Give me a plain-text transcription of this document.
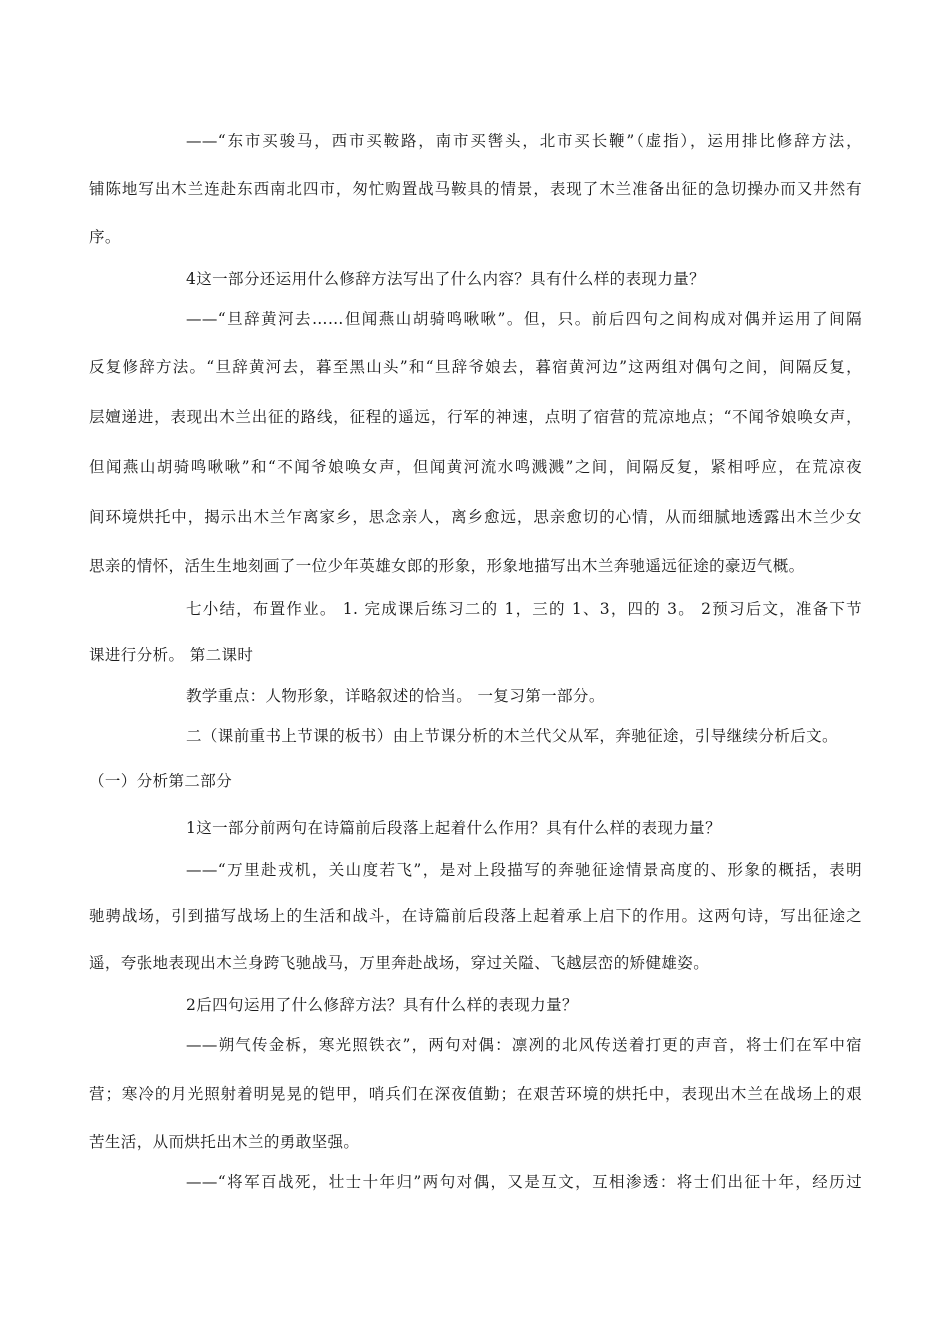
——“东市买骏马，西市买鞍路，南市买辔头，北市买长鞭”（虚指），运用排比修辞方法，
铺陈地写出木兰连赴东西南北四市，匆忙购置战马鞍具的情景，表现了木兰准备出征的急切操办而又井然有
序。
4这一部分还运用什么修辞方法写出了什么内容？具有什么样的表现力量？
——“旦辞黄河去……但闻燕山胡骑鸣啾啾”。但，只。前后四句之间构成对偶并运用了间隔
反复修辞方法。“旦辞黄河去，暮至黑山头”和“旦辞爷娘去，暮宿黄河边”这两组对偶句之间，间隔反复，
层嬗递进，表现出木兰出征的路线，征程的遥远，行军的神速，点明了宿营的荒凉地点；“不闻爷娘唤女声，
但闻燕山胡骑鸣啾啾”和“不闻爷娘唤女声，但闻黄河流水鸣溅溅”之间，间隔反复，紧相呼应，在荒凉夜
间环境烘托中，揭示出木兰乍离家乡，思念亲人，离乡愈远，思亲愈切的心情，从而细腻地透露出木兰少女
思亲的情怀，活生生地刻画了一位少年英雄女郎的形象，形象地描写出木兰奔驰遥远征途的豪迈气概。
七小结，布置作业。 1. 完成课后练习二的 1，三的 1、3，四的 3。 2预习后文，准备下节
课进行分析。 第二课时
教学重点：人物形象，详略叙述的恰当。 一复习第一部分。
二（课前重书上节课的板书）由上节课分析的木兰代父从军，奔驰征途，引导继续分析后文。
（一）分析第二部分
1这一部分前两句在诗篇前后段落上起着什么作用？具有什么样的表现力量？
——“万里赴戎机，关山度若飞”，是对上段描写的奔驰征途情景高度的、形象的概括，表明
驰骋战场，引到描写战场上的生活和战斗，在诗篇前后段落上起着承上启下的作用。这两句诗，写出征途之
遥，夸张地表现出木兰身跨飞驰战马，万里奔赴战场，穿过关隘、飞越层峦的矫健雄姿。
2后四句运用了什么修辞方法？具有什么样的表现力量？
——朔气传金柝，寒光照铁衣”，两句对偶：凛冽的北风传送着打更的声音，将士们在军中宿
营；寒冷的月光照射着明晃晃的铠甲，哨兵们在深夜值勤；在艰苦环境的烘托中，表现出木兰在战场上的艰
苦生活，从而烘托出木兰的勇敢坚强。
——“将军百战死，壮士十年归”两句对偶，又是互文，互相渗透：将士们出征十年，经历过
